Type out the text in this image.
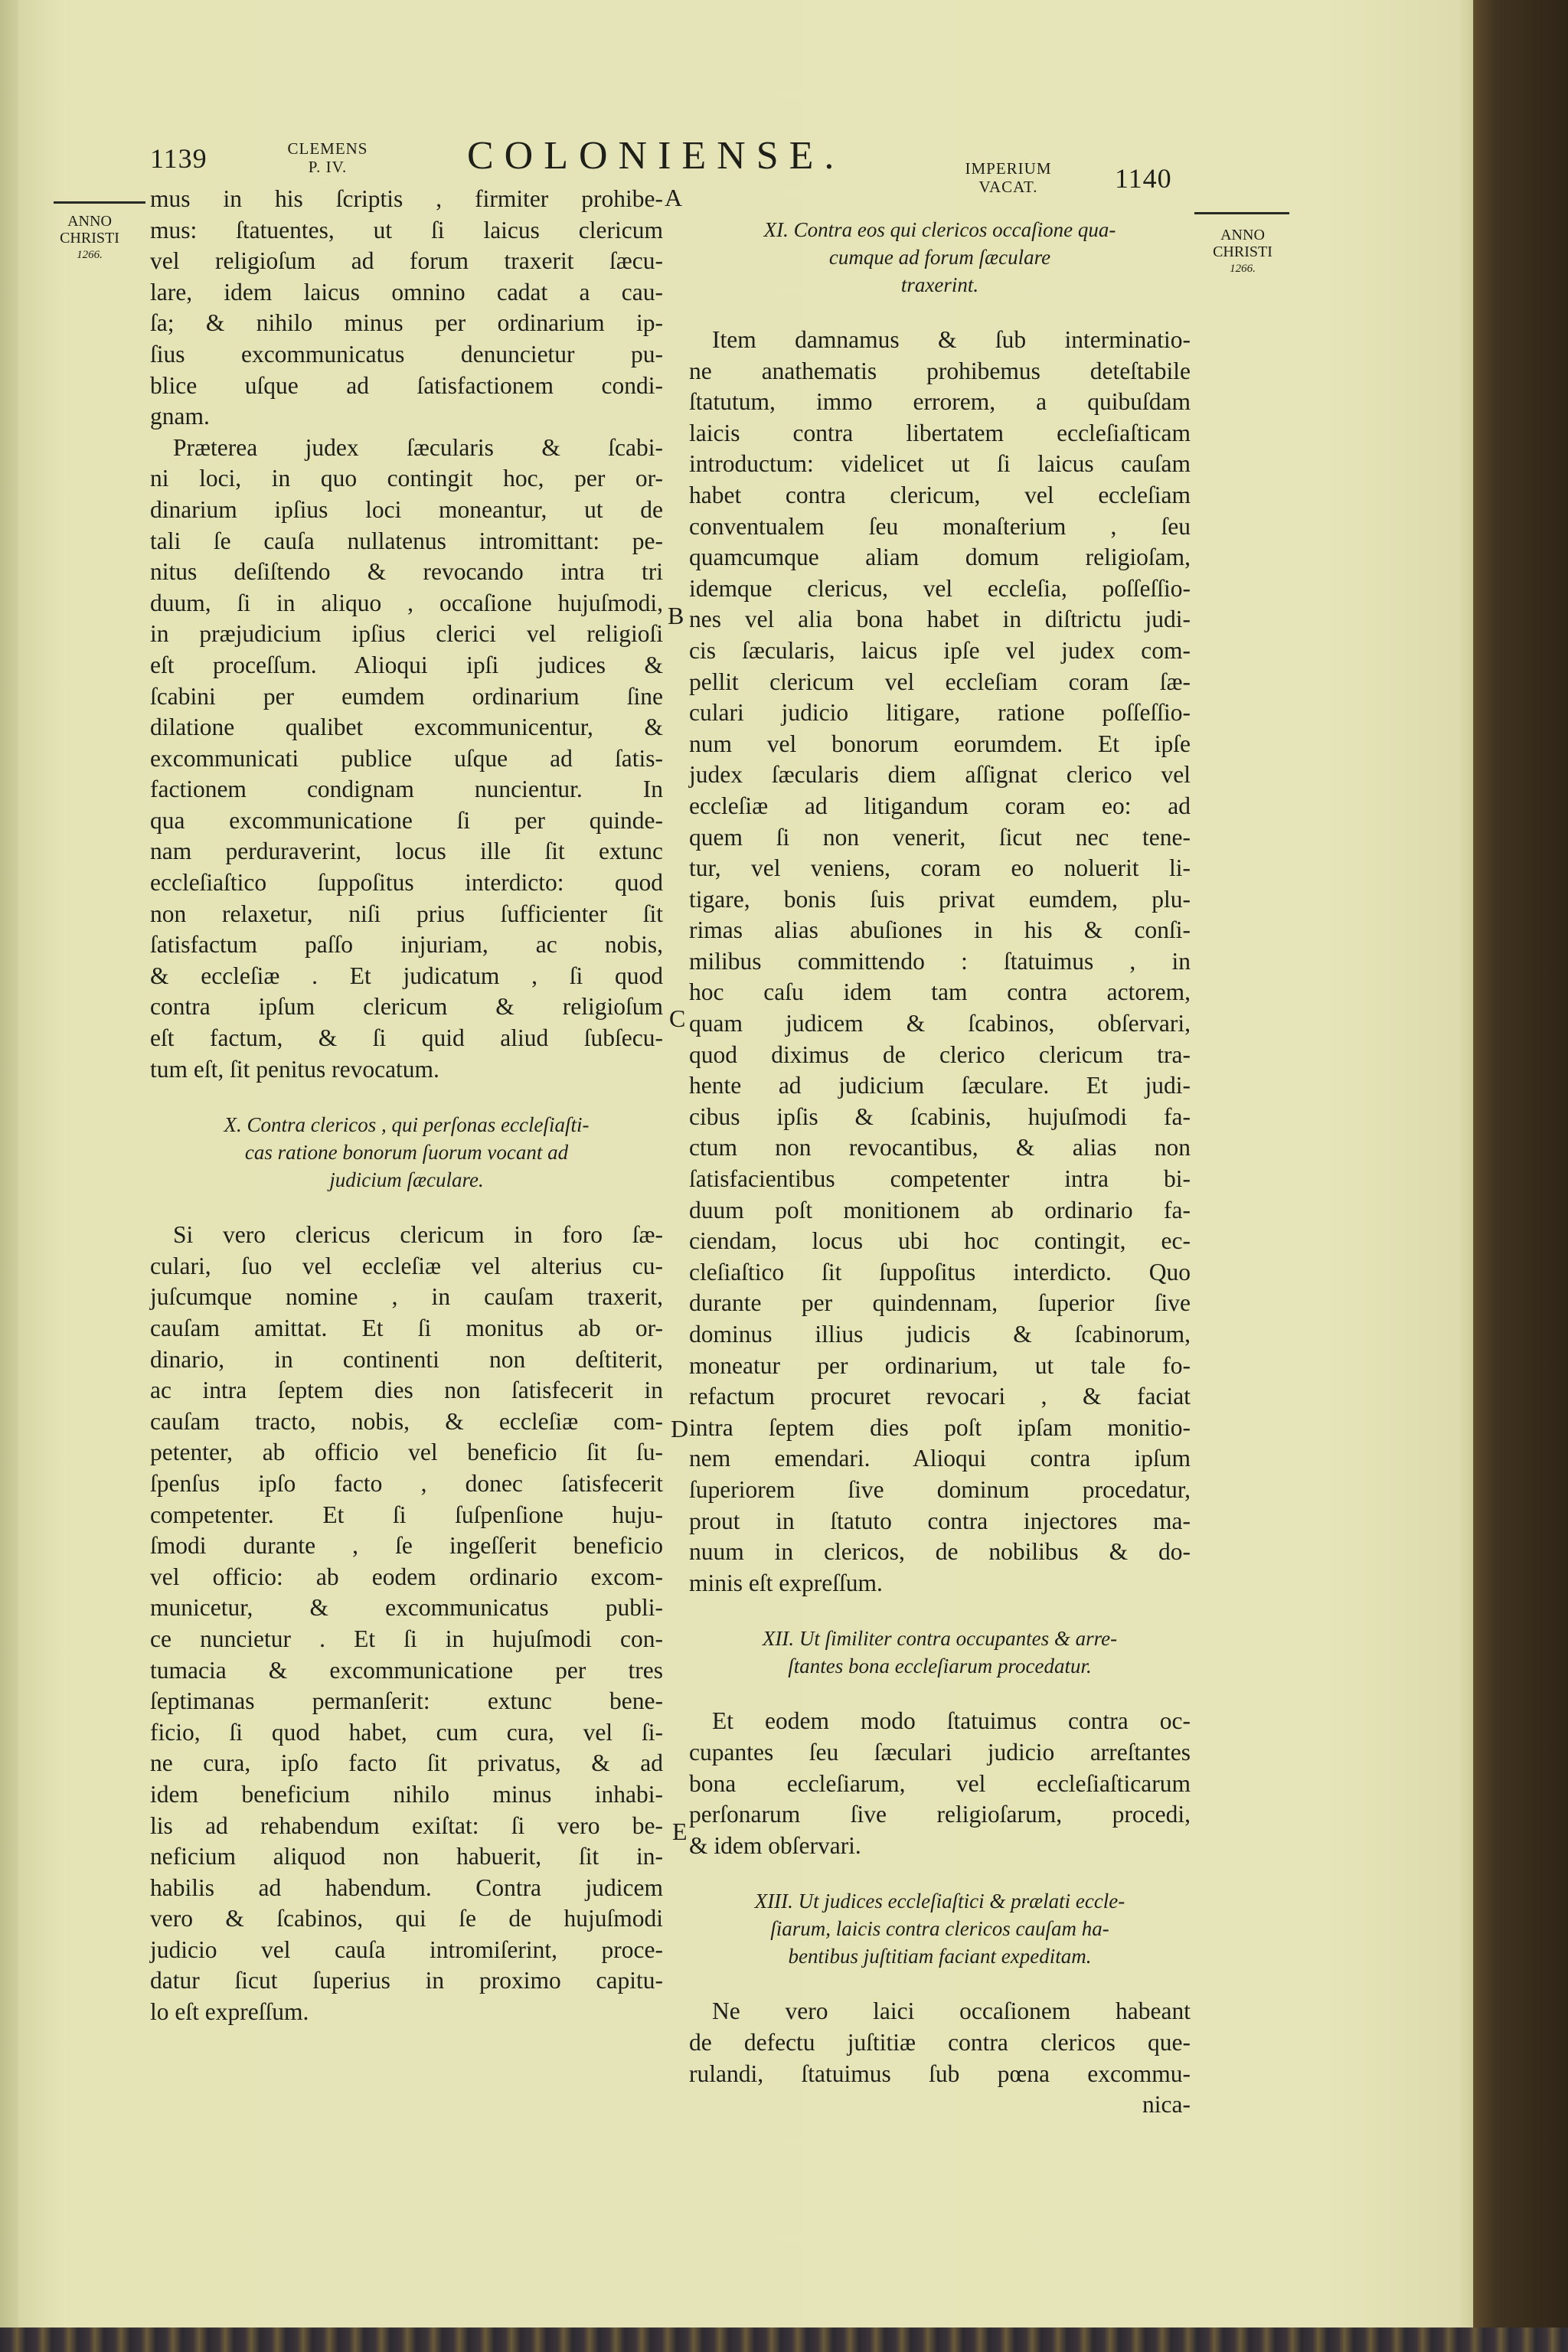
1139	CLEMENS
P. IV.	COLONIENSE.	IMPERIUM
VACAT.	1140
ANNO
CHRISTI
1266.
ANNO
CHRISTI
1266.
A
B
C
D
E
mus in his ſcriptis , firmiter prohibe-
mus: ſtatuentes, ut ſi laicus clericum
vel religioſum ad forum traxerit ſæcu-
lare, idem laicus omnino cadat a cau-
ſa; & nihilo minus per ordinarium ip-
ſius excommunicatus denuncietur pu-
blice uſque ad ſatisfactionem condi-
gnam.
Præterea judex ſæcularis & ſcabi-
ni loci, in quo contingit hoc, per or-
dinarium ipſius loci moneantur, ut de
tali ſe cauſa nullatenus intromittant: pe-
nitus deſiſtendo & revocando intra tri
duum, ſi in aliquo , occaſione hujuſmodi,
in præjudicium ipſius clerici vel religioſi
eſt proceſſum. Alioqui ipſi judices &
ſcabini per eumdem ordinarium ſine
dilatione qualibet excommunicentur, &
excommunicati publice uſque ad ſatis-
factionem condignam nuncientur. In
qua excommunicatione ſi per quinde-
nam perduraverint, locus ille ſit extunc
eccleſiaſtico ſuppoſitus interdicto: quod
non relaxetur, niſi prius ſufficienter ſit
ſatisfactum paſſo injuriam, ac nobis,
& eccleſiæ . Et judicatum , ſi quod
contra ipſum clericum & religioſum
eſt factum, & ſi quid aliud ſubſecu-
tum eſt, ſit penitus revocatum.
X. Contra clericos , qui perſonas eccleſiaſti-
cas ratione bonorum ſuorum vocant ad
judicium ſæculare.
Si vero clericus clericum in foro ſæ-
culari, ſuo vel eccleſiæ vel alterius cu-
juſcumque nomine , in cauſam traxerit,
cauſam amittat. Et ſi monitus ab or-
dinario, in continenti non deſtiterit,
ac intra ſeptem dies non ſatisfecerit in
cauſam tracto, nobis, & eccleſiæ com-
petenter, ab officio vel beneficio ſit ſu-
ſpenſus ipſo facto , donec ſatisfecerit
competenter. Et ſi ſuſpenſione huju-
ſmodi durante , ſe ingeſſerit beneficio
vel officio: ab eodem ordinario excom-
municetur, & excommunicatus publi-
ce nuncietur . Et ſi in hujuſmodi con-
tumacia & excommunicatione per tres
ſeptimanas permanſerit: extunc bene-
ficio, ſi quod habet, cum cura, vel ſi-
ne cura, ipſo facto ſit privatus, & ad
idem beneficium nihilo minus inhabi-
lis ad rehabendum exiſtat: ſi vero be-
neficium aliquod non habuerit, ſit in-
habilis ad habendum. Contra judicem
vero & ſcabinos, qui ſe de hujuſmodi
judicio vel cauſa intromiſerint, proce-
datur ſicut ſuperius in proximo capitu-
lo eſt expreſſum.
XI. Contra eos qui clericos occaſione qua-
cumque ad forum ſæculare
traxerint.
Item damnamus & ſub interminatio-
ne anathematis prohibemus deteſtabile
ſtatutum, immo errorem, a quibuſdam
laicis contra libertatem eccleſiaſticam
introductum: videlicet ut ſi laicus cauſam
habet contra clericum, vel eccleſiam
conventualem ſeu monaſterium , ſeu
quamcumque aliam domum religioſam,
idemque clericus, vel eccleſia, poſſeſſio-
nes vel alia bona habet in diſtrictu judi-
cis ſæcularis, laicus ipſe vel judex com-
pellit clericum vel eccleſiam coram ſæ-
culari judicio litigare, ratione poſſeſſio-
num vel bonorum eorumdem. Et ipſe
judex ſæcularis diem aſſignat clerico vel
eccleſiæ ad litigandum coram eo: ad
quem ſi non venerit, ſicut nec tene-
tur, vel veniens, coram eo noluerit li-
tigare, bonis ſuis privat eumdem, plu-
rimas alias abuſiones in his & conſi-
milibus committendo : ſtatuimus , in
hoc caſu idem tam contra actorem,
quam judicem & ſcabinos, obſervari,
quod diximus de clerico clericum tra-
hente ad judicium ſæculare. Et judi-
cibus ipſis & ſcabinis, hujuſmodi fa-
ctum non revocantibus, & alias non
ſatisfacientibus competenter intra bi-
duum poſt monitionem ab ordinario fa-
ciendam, locus ubi hoc contingit, ec-
cleſiaſtico ſit ſuppoſitus interdicto. Quo
durante per quindennam, ſuperior ſive
dominus illius judicis & ſcabinorum,
moneatur per ordinarium, ut tale fo-
refactum procuret revocari , & faciat
intra ſeptem dies poſt ipſam monitio-
nem emendari. Alioqui contra ipſum
ſuperiorem ſive dominum procedatur,
prout in ſtatuto contra injectores ma-
nuum in clericos, de nobilibus & do-
minis eſt expreſſum.
XII. Ut ſimiliter contra occupantes & arre-
ſtantes bona eccleſiarum procedatur.
Et eodem modo ſtatuimus contra oc-
cupantes ſeu ſæculari judicio arreſtantes
bona eccleſiarum, vel eccleſiaſticarum
perſonarum ſive religioſarum, procedi,
& idem obſervari.
XIII. Ut judices eccleſiaſtici & prælati eccle-
ſiarum, laicis contra clericos cauſam ha-
bentibus juſtitiam faciant expeditam.
Ne vero laici occaſionem habeant
de defectu juſtitiæ contra clericos que-
rulandi, ſtatuimus ſub pœna excommu-
nica-
